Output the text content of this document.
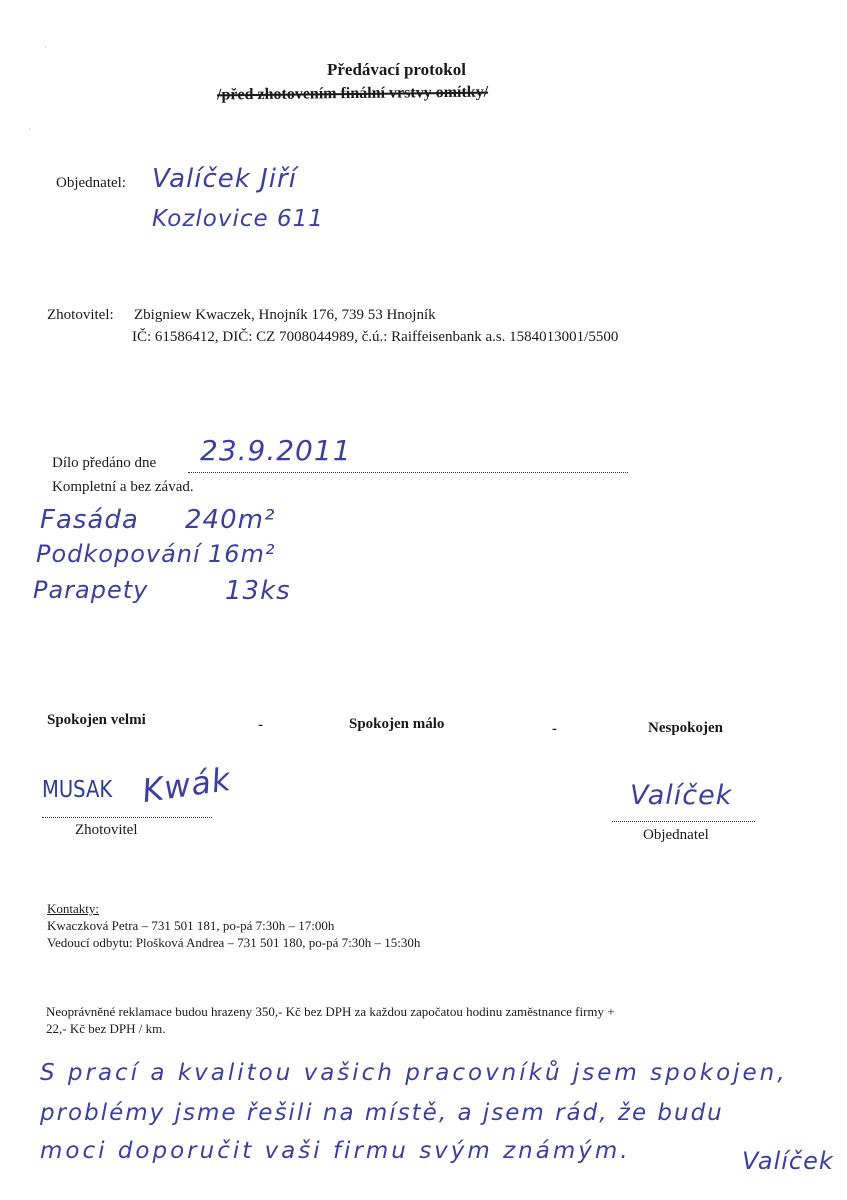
·
·
Předávací protokol
/před zhotovením finální vrstvy omítky/
Objednatel: Valíček Jiří
Kozlovice 611
Zhotovitel: Zbigniew Kwaczek, Hnojník 176, 739 53 Hnojník
IČ: 61586412, DIČ: CZ 7008044989, č.ú.: Raiffeisenbank a.s. 1584013001/5500
Dílo předáno dne 23.9.2011
Kompletní a bez závad.
Fasáda 240m²
Podkopování 16m²
Parapety	13ks
Spokojen velmi	-	Spokojen málo	-	Nespokojen
MUSAK Kwák
Zhotovitel
Valíček
Objednatel
Kontakty:
Kwaczková Petra – 731 501 181, po-pá 7:30h – 17:00h
Vedoucí odbytu: Plošková Andrea – 731 501 180, po-pá 7:30h – 15:30h
Neoprávněné reklamace budou hrazeny 350,- Kč bez DPH za každou započatou hodinu zaměstnance firmy +
22,- Kč bez DPH / km.
S prací a kvalitou vašich pracovníků jsem spokojen,
problémy jsme řešili na místě, a jsem rád, že budu
moci doporučit vaši firmu svým známým.	Valíček
